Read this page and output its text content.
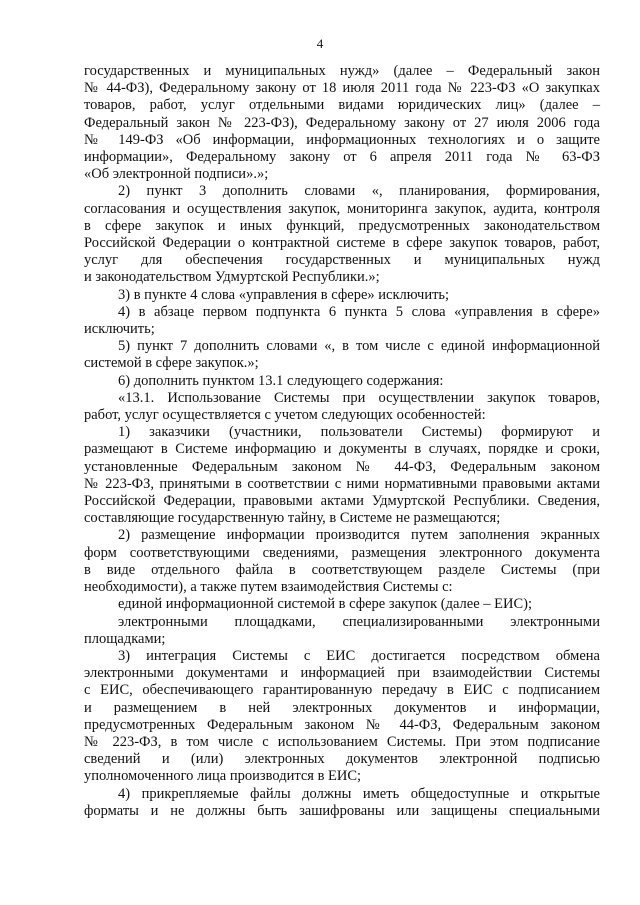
4

государственных и муниципальных нужд» (далее – Федеральный закон

№ 44-ФЗ), Федеральному закону от 18 июля 2011 года № 223-ФЗ «О закупках

товаров, работ, услуг отдельными видами юридических лиц» (далее –

Федеральный закон № 223-ФЗ), Федеральному закону от 27 июля 2006 года

№ 149-ФЗ «Об информации, информационных технологиях и о защите

информации», Федеральному закону от 6 апреля 2011 года № 63-ФЗ

«Об электронной подписи».»;

2) пункт 3 дополнить словами «, планирования, формирования,

согласования и осуществления закупок, мониторинга закупок, аудита, контроля

в сфере закупок и иных функций, предусмотренных законодательством

Российской Федерации о контрактной системе в сфере закупок товаров, работ,

услуг для обеспечения государственных и муниципальных нужд

и законодательством Удмуртской Республики.»;

3) в пункте 4 слова «управления в сфере» исключить;

4) в абзаце первом подпункта 6 пункта 5 слова «управления в сфере»

исключить;

5) пункт 7 дополнить словами «, в том числе с единой информационной

системой в сфере закупок.»;

6) дополнить пунктом 13.1 следующего содержания:

«13.1. Использование Системы при осуществлении закупок товаров,

работ, услуг осуществляется с учетом следующих особенностей:

1) заказчики (участники, пользователи Системы) формируют и

размещают в Системе информацию и документы в случаях, порядке и сроки,

установленные Федеральным законом № 44-ФЗ, Федеральным законом

№ 223-ФЗ, принятыми в соответствии с ними нормативными правовыми актами

Российской Федерации, правовыми актами Удмуртской Республики. Сведения,

составляющие государственную тайну, в Системе не размещаются;

2) размещение информации производится путем заполнения экранных

форм соответствующими сведениями, размещения электронного документа

в виде отдельного файла в соответствующем разделе Системы (при

необходимости), а также путем взаимодействия Системы с:

единой информационной системой в сфере закупок (далее – ЕИС);

электронными площадками, специализированными электронными

площадками;

3) интеграция Системы с ЕИС достигается посредством обмена

электронными документами и информацией при взаимодействии Системы

с ЕИС, обеспечивающего гарантированную передачу в ЕИС с подписанием

и размещением в ней электронных документов и информации,

предусмотренных Федеральным законом № 44-ФЗ, Федеральным законом

№ 223-ФЗ, в том числе с использованием Системы. При этом подписание

сведений и (или) электронных документов электронной подписью

уполномоченного лица производится в ЕИС;

4) прикрепляемые файлы должны иметь общедоступные и открытые

форматы и не должны быть зашифрованы или защищены специальными
